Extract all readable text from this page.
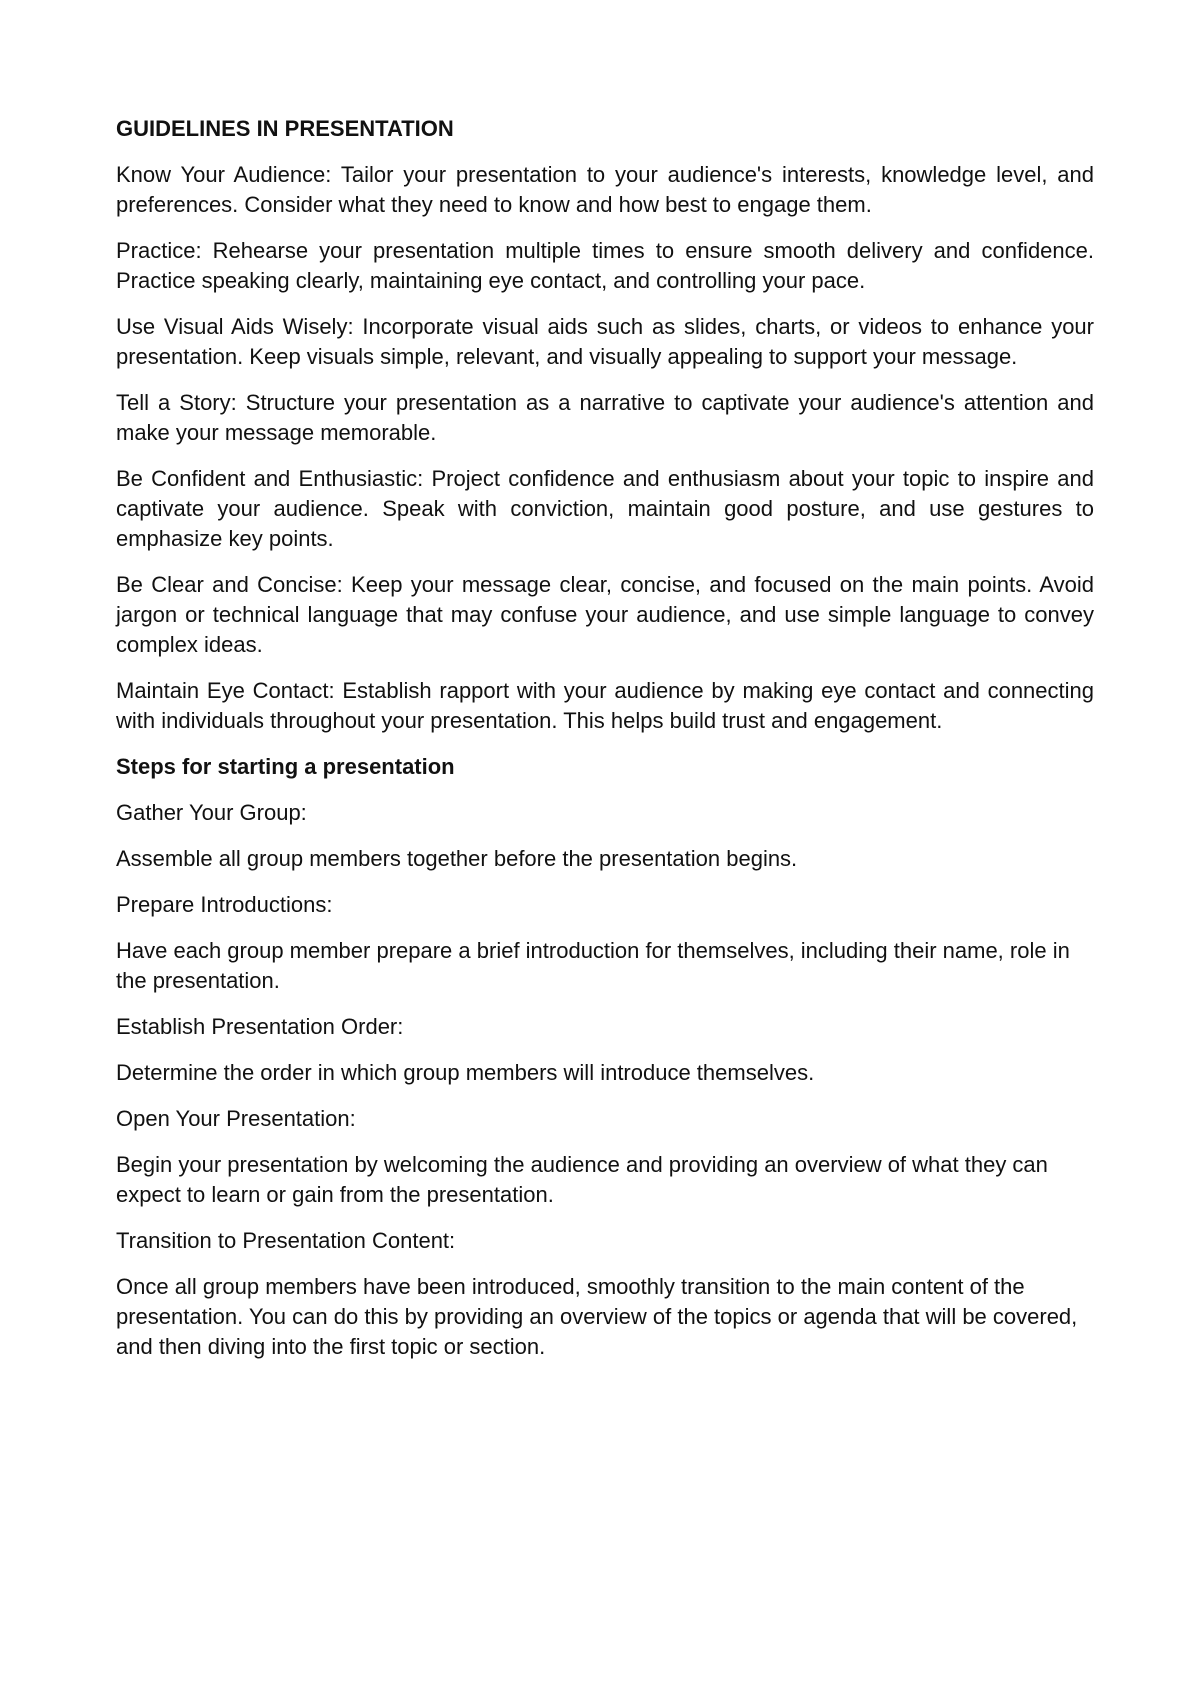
GUIDELINES IN PRESENTATION

Know Your Audience: Tailor your presentation to your audience's interests, knowledge level, and preferences. Consider what they need to know and how best to engage them.

Practice: Rehearse your presentation multiple times to ensure smooth delivery and confidence. Practice speaking clearly, maintaining eye contact, and controlling your pace.

Use Visual Aids Wisely: Incorporate visual aids such as slides, charts, or videos to enhance your presentation. Keep visuals simple, relevant, and visually appealing to support your message.

Tell a Story: Structure your presentation as a narrative to captivate your audience's attention and make your message memorable.

Be Confident and Enthusiastic: Project confidence and enthusiasm about your topic to inspire and captivate your audience. Speak with conviction, maintain good posture, and use gestures to emphasize key points.

Be Clear and Concise: Keep your message clear, concise, and focused on the main points. Avoid jargon or technical language that may confuse your audience, and use simple language to convey complex ideas.

Maintain Eye Contact: Establish rapport with your audience by making eye contact and connecting with individuals throughout your presentation. This helps build trust and engagement.

Steps for starting a presentation

Gather Your Group:

Assemble all group members together before the presentation begins.

Prepare Introductions:

Have each group member prepare a brief introduction for themselves, including their name, role in the presentation.

Establish Presentation Order:

Determine the order in which group members will introduce themselves.

Open Your Presentation:

Begin your presentation by welcoming the audience and providing an overview of what they can expect to learn or gain from the presentation.

Transition to Presentation Content:

Once all group members have been introduced, smoothly transition to the main content of the presentation. You can do this by providing an overview of the topics or agenda that will be covered, and then diving into the first topic or section.
